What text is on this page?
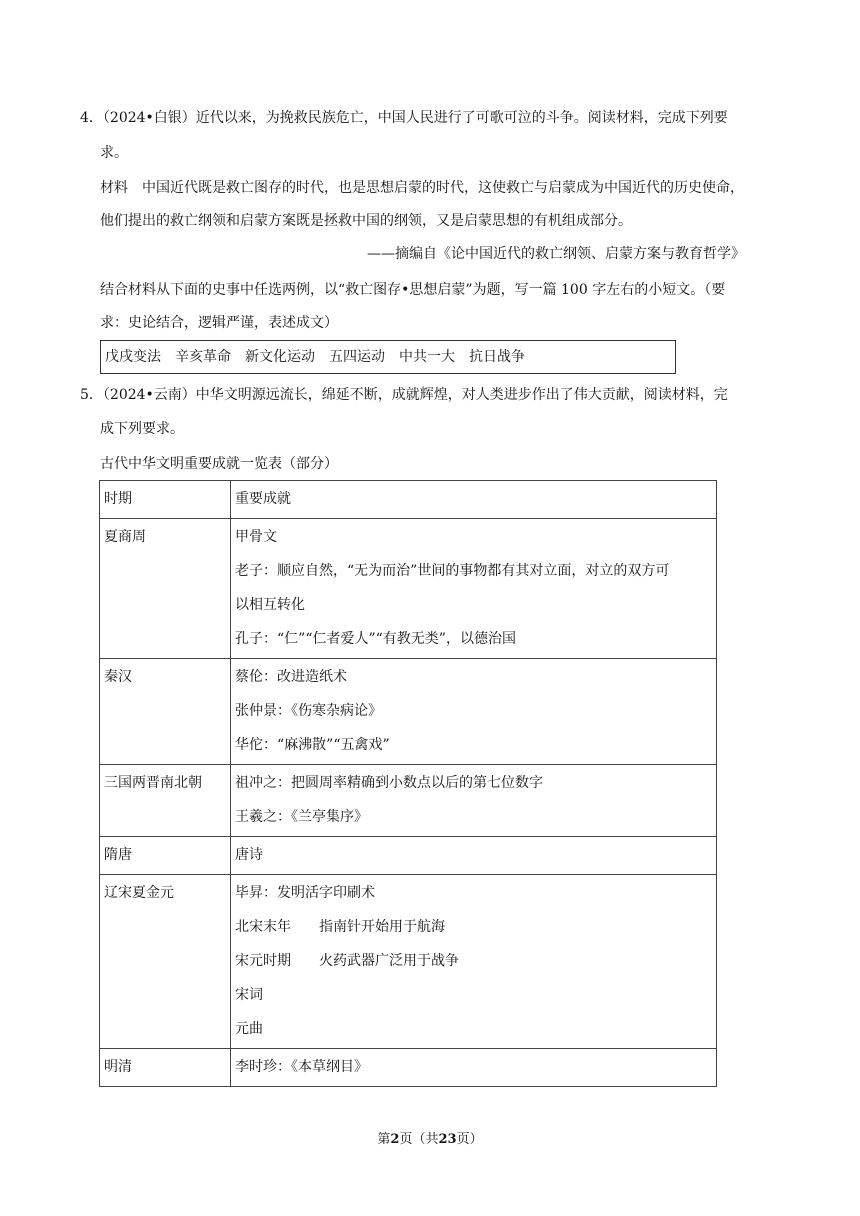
4．（2024•白银）近代以来，为挽救民族危亡，中国人民进行了可歌可泣的斗争。阅读材料，完成下列要
求。
材料　中国近代既是救亡图存的时代，也是思想启蒙的时代，这使救亡与启蒙成为中国近代的历史使命，
他们提出的救亡纲领和启蒙方案既是拯救中国的纲领，又是启蒙思想的有机组成部分。
——摘编自《论中国近代的救亡纲领、启蒙方案与教育哲学》
结合材料从下面的史事中任选两例，以“救亡图存•思想启蒙”为题，写一篇 100 字左右的小短文。（要
求：史论结合，逻辑严谨，表述成文）
戊戌变法 辛亥革命 新文化运动 五四运动 中共一大 抗日战争
5．（2024•云南）中华文明源远流长，绵延不断，成就辉煌，对人类进步作出了伟大贡献，阅读材料，完
成下列要求。
古代中华文明重要成就一览表（部分）
时期	重要成就

夏商周	甲骨文
老子：顺应自然，“无为而治”世间的事物都有其对立面，对立的双方可
以相互转化
孔子：“仁”“仁者爱人”“有教无类”，以德治国

秦汉	蔡伦：改进造纸术
张仲景：《伤寒杂病论》
华佗：“麻沸散”“五禽戏”

三国两晋南北朝	祖冲之：把圆周率精确到小数点以后的第七位数字
王羲之：《兰亭集序》

隋唐	唐诗

辽宋夏金元	毕昇：发明活字印刷术
北宋末年　　指南针开始用于航海
宋元时期　　火药武器广泛用于战争
宋词
元曲

明清	李时珍：《本草纲目》
第2页（共23页）
